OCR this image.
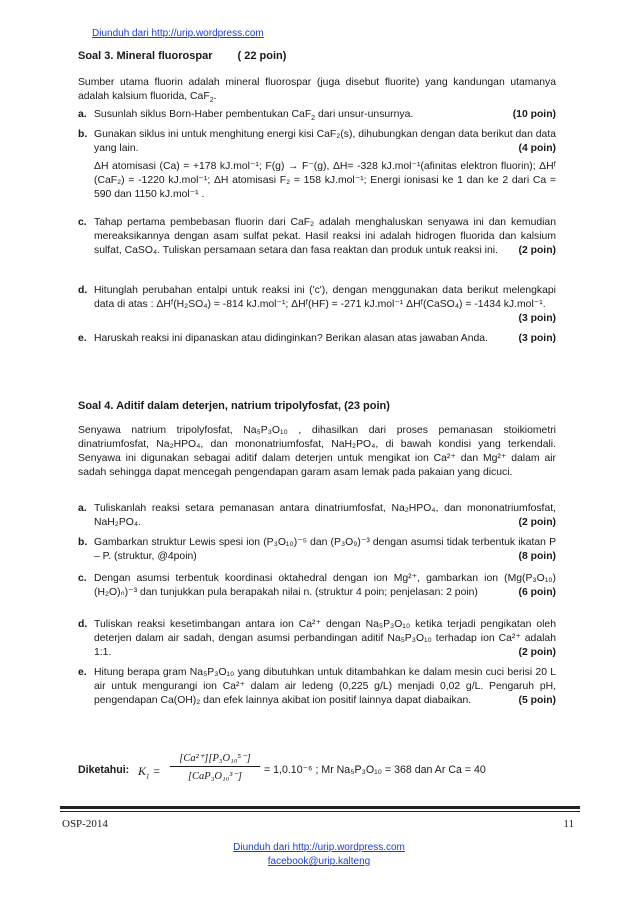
Diunduh dari http://urip.wordpress.com
Soal 3. Mineral fluorospar ( 22 poin)
Sumber utama fluorin adalah mineral fluorospar (juga disebut fluorite) yang kandungan utamanya adalah kalsium fluorida, CaF$_2$.
a. Susunlah siklus Born-Haber pembentukan CaF$_2$ dari unsur-unsurnya.	(10 poin)
b. Gunakan siklus ini untuk menghitung energi kisi CaF₂(s), dihubungkan dengan data berikut dan data yang lain.	(4 poin)
ΔH atomisasi (Ca) = +178 kJ.mol⁻¹; F(g) → F⁻(g), ΔH= -328 kJ.mol⁻¹(afinitas elektron fluorin); ΔHᶠ (CaF₂) = -1220 kJ.mol⁻¹; ΔH atomisasi F₂ = 158 kJ.mol⁻¹; Energi ionisasi ke 1 dan ke 2 dari Ca = 590 dan 1150 kJ.mol⁻¹ .
c. Tahap pertama pembebasan fluorin dari CaF₂ adalah menghaluskan senyawa ini dan kemudian mereaksikannya dengan asam sulfat pekat. Hasil reaksi ini adalah hidrogen fluorida dan kalsium sulfat, CaSO₄. Tuliskan persamaan setara dan fasa reaktan dan produk untuk reaksi ini. (2 poin)
d. Hitunglah perubahan entalpi untuk reaksi ini ('c'), dengan menggunakan data berikut melengkapi data di atas : ΔHᶠ(H₂SO₄) = -814 kJ.mol⁻¹; ΔHᶠ(HF) = -271 kJ.mol⁻¹ ΔHᶠ(CaSO₄) = -1434 kJ.mol⁻¹.
(3 poin)
e. Haruskah reaksi ini dipanaskan atau didinginkan? Berikan alasan atas jawaban Anda.	(3 poin)
Soal 4. Aditif dalam deterjen, natrium tripolyfosfat, (23 poin)
Senyawa natrium tripolyfosfat, Na₅P₃O₁₀ , dihasilkan dari proses pemanasan stoikiometri dinatriumfosfat, Na₂HPO₄, dan mononatriumfosfat, NaH₂PO₄, di bawah kondisi yang terkendali. Senyawa ini digunakan sebagai aditif dalam deterjen untuk mengikat ion Ca²⁺ dan Mg²⁺ dalam air sadah sehingga dapat mencegah pengendapan garam asam lemak pada pakaian yang dicuci.
a. Tuliskanlah reaksi setara pemanasan antara dinatriumfosfat, Na₂HPO₄, dan mononatriumfosfat, NaH₂PO₄.	(2 poin)
b. Gambarkan struktur Lewis spesi ion (P₃O₁₀)⁻⁵ dan (P₃O₉)⁻³ dengan asumsi tidak terbentuk ikatan P – P. (struktur, @4poin)	(8 poin)
c. Dengan asumsi terbentuk koordinasi oktahedral dengan ion Mg²⁺, gambarkan ion (Mg(P₃O₁₀)(H₂O)ₙ)⁻³ dan tunjukkan pula berapakah nilai n. (struktur 4 poin; penjelasan: 2 poin)	(6 poin)
d. Tuliskan reaksi kesetimbangan antara ion Ca²⁺ dengan Na₅P₃O₁₀ ketika terjadi pengikatan oleh deterjen dalam air sadah, dengan asumsi perbandingan aditif Na₅P₃O₁₀ terhadap ion Ca²⁺ adalah 1:1.	(2 poin)
e. Hitung berapa gram Na₅P₃O₁₀ yang dibutuhkan untuk ditambahkan ke dalam mesin cuci berisi 20 L air untuk mengurangi ion Ca²⁺ dalam air ledeng (0,225 g/L) menjadi 0,02 g/L. Pengaruh pH, pengendapan Ca(OH)₂ dan efek lainnya akibat ion positif lainnya dapat diabaikan.	(5 poin)
Diketahui: $K_1$ =
[Ca²⁺][P₃O₁₀⁵⁻]
[CaP₃O₁₀³⁻]
= 1,0.10⁻⁶ ; Mr Na₅P₃O₁₀ = 368 dan Ar Ca = 40
OSP-2014	11
Diunduh dari http://urip.wordpress.com
facebook@urip.kalteng
